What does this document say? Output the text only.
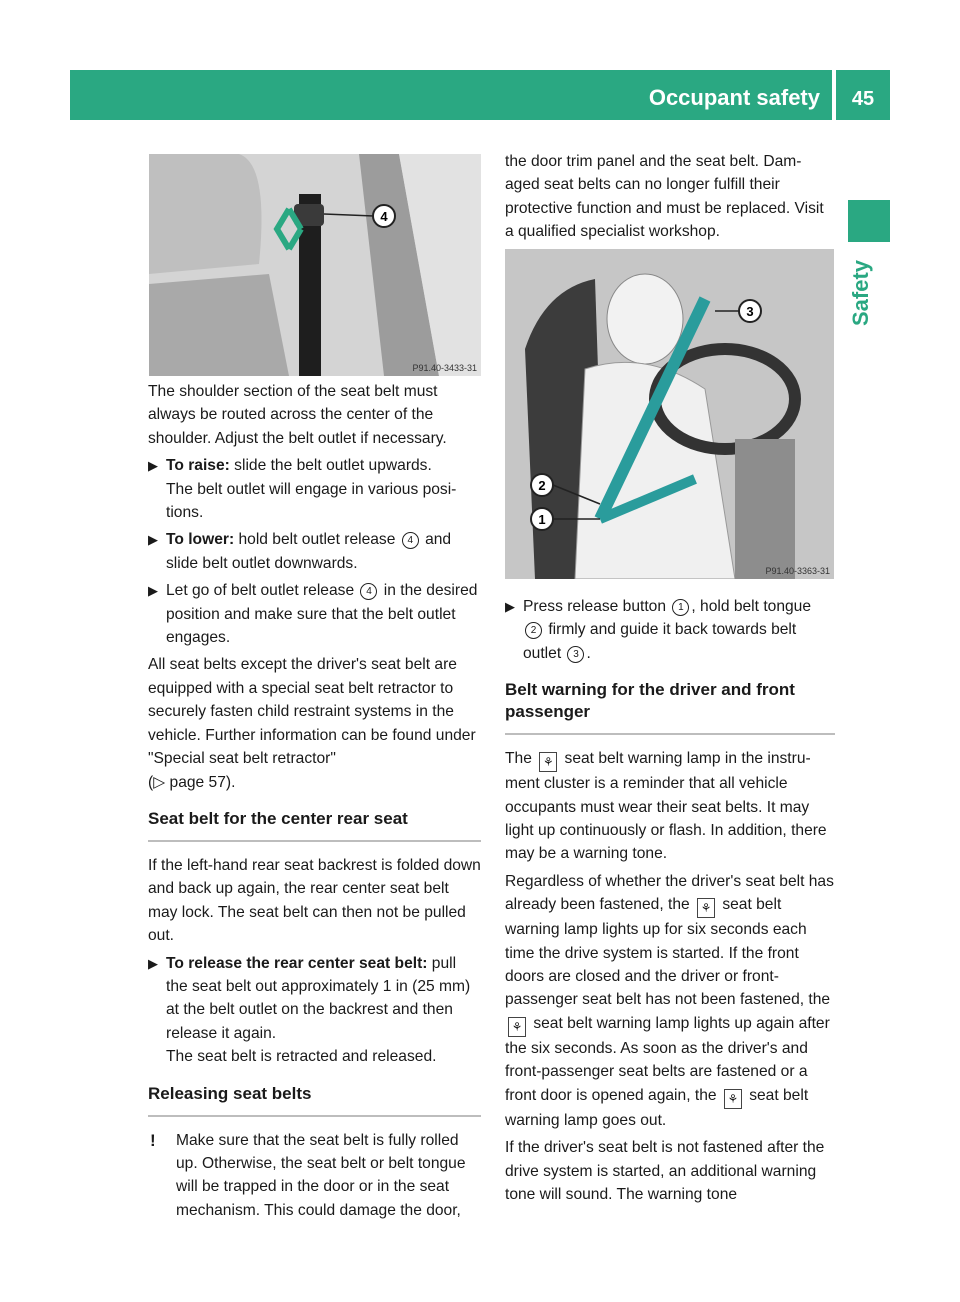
Occupant safety	45
Safety
4
P91.40-3433-31
3
2
1
P91.40-3363-31

The shoulder section of the seat belt must always be routed across the center of the shoulder. Adjust the belt outlet if necessary.

▶ To raise: slide the belt outlet upwards.
The belt outlet will engage in various posi-tions.
▶ To lower: hold belt outlet release 4 and slide belt outlet downwards.
▶ Let go of belt outlet release 4 in the desired position and make sure that the belt outlet engages.

All seat belts except the driver's seat belt are equipped with a special seat belt retractor to securely fasten child restraint systems in the vehicle. Further information can be found under "Special seat belt retractor"
(▷ page 57).

Seat belt for the center rear seat

If the left-hand rear seat backrest is folded down and back up again, the rear center seat belt may lock. The seat belt can then not be pulled out.

▶ To release the rear center seat belt: pull the seat belt out approximately 1 in (25 mm) at the belt outlet on the backrest and then release it again.
The seat belt is retracted and released.
Releasing seat belts
! Make sure that the seat belt is fully rolled up. Otherwise, the seat belt or belt tongue will be trapped in the door or in the seat mechanism. This could damage the door,

the door trim panel and the seat belt. Dam-aged seat belts can no longer fulfill their protective function and must be replaced. Visit a qualified specialist workshop.

▶ Press release button 1 , hold belt tongue 2 firmly and guide it back towards belt outlet 3 .
Belt warning for the driver and front passenger

The ⚘ seat belt warning lamp in the instru-ment cluster is a reminder that all vehicle occupants must wear their seat belts. It may light up continuously or flash. In addition, there may be a warning tone.

Regardless of whether the driver's seat belt has already been fastened, the ⚘ seat belt warning lamp lights up for six seconds each time the drive system is started. If the front doors are closed and the driver or front-passenger seat belt has not been fastened, the ⚘ seat belt warning lamp lights up again after the six seconds. As soon as the driver's and front-passenger seat belts are fastened or a front door is opened again, the ⚘ seat belt warning lamp goes out.

If the driver's seat belt is not fastened after the drive system is started, an additional warning tone will sound. The warning tone
